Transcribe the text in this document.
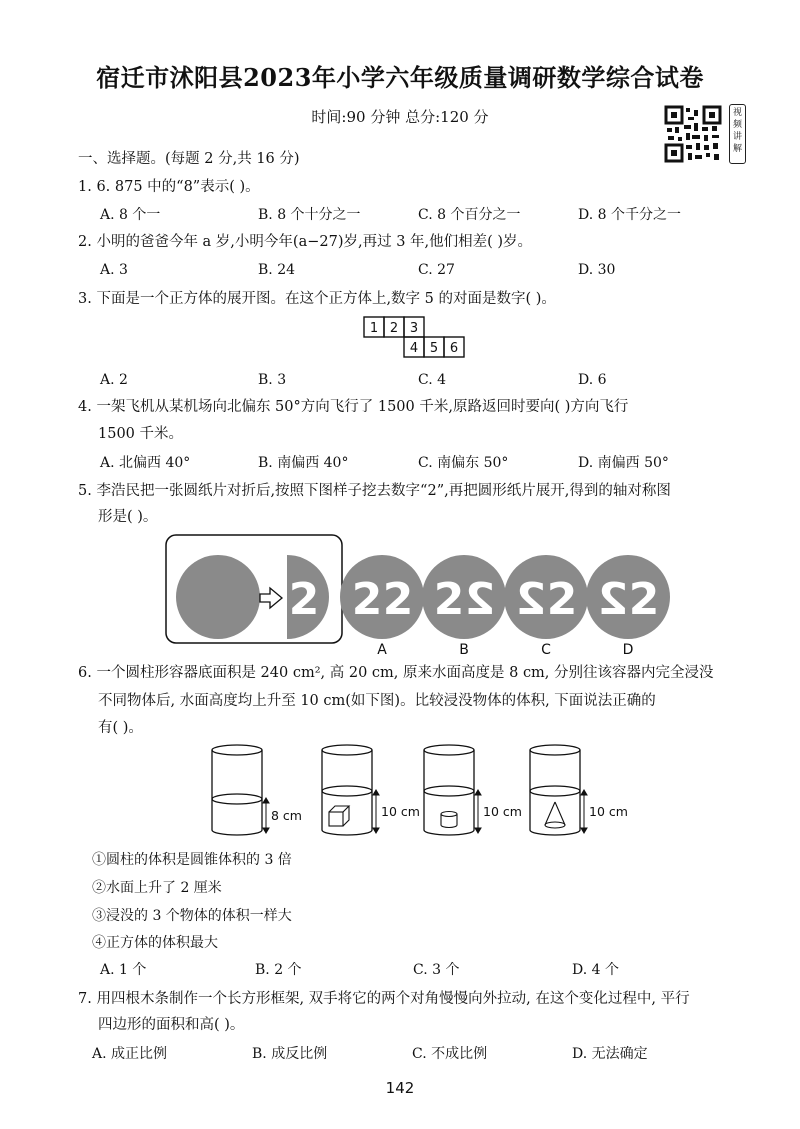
宿迁市沭阳县2023年小学六年级质量调研数学综合试卷
时间:90 分钟 总分:120 分	视频讲解
一、选择题。(每题 2 分,共 16 分)
1. 6. 875 中的“8”表示( )。
A. 8 个一	B. 8 个十分之一	C. 8 个百分之一	D. 8 个千分之一
2. 小明的爸爸今年 a 岁,小明今年(a−27)岁,再过 3 年,他们相差( )岁。
A. 3	B. 24	C. 27	D. 30
3. 下面是一个正方体的展开图。在这个正方体上,数字 5 的对面是数字( )。
1 2 3
4 5 6
A. 2	B. 3	C. 4	D. 6
4. 一架飞机从某机场向北偏东 50°方向飞行了 1500 千米,原路返回时要向( )方向飞行
1500 千米。
A. 北偏西 40°	B. 南偏西 40°	C. 南偏东 50°	D. 南偏西 50°
5. 李浩民把一张圆纸片对折后,按照下图样子挖去数字“2”,再把圆形纸片展开,得到的轴对称图
形是( )。
2 2 2 2 2 2 2 2 2
A	B	C	D
6. 一个圆柱形容器底面积是 240 cm², 高 20 cm, 原来水面高度是 8 cm, 分别往该容器内完全浸没
不同物体后, 水面高度均上升至 10 cm(如下图)。比较浸没物体的体积, 下面说法正确的
有( )。
8 cm	10 cm	10 cm	10 cm
①圆柱的体积是圆锥体积的 3 倍
②水面上升了 2 厘米
③浸没的 3 个物体的体积一样大
④正方体的体积最大
A. 1 个	B. 2 个	C. 3 个	D. 4 个
7. 用四根木条制作一个长方形框架, 双手将它的两个对角慢慢向外拉动, 在这个变化过程中, 平行
四边形的面积和高( )。
A. 成正比例	B. 成反比例	C. 不成比例	D. 无法确定
142
